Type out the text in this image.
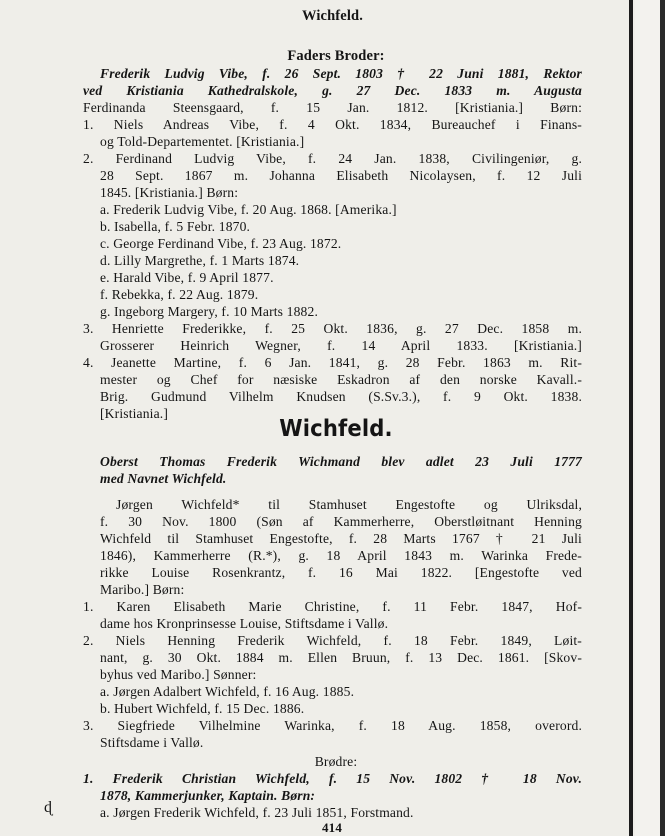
Wichfeld.
Faders Broder:
Frederik Ludvig Vibe, f. 26 Sept. 1803 † 22 Juni 1881, Rektor
ved Kristiania Kathedralskole, g. 27 Dec. 1833 m. Augusta
Ferdinanda Steensgaard, f. 15 Jan. 1812. [Kristiania.] Børn:
1. Niels Andreas Vibe, f. 4 Okt. 1834, Bureauchef i Finans-
og Told-Departementet. [Kristiania.]
2. Ferdinand Ludvig Vibe, f. 24 Jan. 1838, Civilingeniør, g.
28 Sept. 1867 m. Johanna Elisabeth Nicolaysen, f. 12 Juli
1845. [Kristiania.] Børn:
a. Frederik Ludvig Vibe, f. 20 Aug. 1868. [Amerika.]
b. Isabella, f. 5 Febr. 1870.
c. George Ferdinand Vibe, f. 23 Aug. 1872.
d. Lilly Margrethe, f. 1 Marts 1874.
e. Harald Vibe, f. 9 April 1877.
f. Rebekka, f. 22 Aug. 1879.
g. Ingeborg Margery, f. 10 Marts 1882.
3. Henriette Frederikke, f. 25 Okt. 1836, g. 27 Dec. 1858 m.
Grosserer Heinrich Wegner, f. 14 April 1833. [Kristiania.]
4. Jeanette Martine, f. 6 Jan. 1841, g. 28 Febr. 1863 m. Rit-
mester og Chef for næsiske Eskadron af den norske Kavall.-
Brig. Gudmund Vilhelm Knudsen (S.Sv.3.), f. 9 Okt. 1838.
[Kristiania.]
Wichfeld.
Oberst Thomas Frederik Wichmand blev adlet 23 Juli 1777
med Navnet Wichfeld.
Jørgen Wichfeld* til Stamhuset Engestofte og Ulriksdal,
f. 30 Nov. 1800 (Søn af Kammerherre, Oberstløitnant Henning
Wichfeld til Stamhuset Engestofte, f. 28 Marts 1767 † 21 Juli
1846), Kammerherre (R.*), g. 18 April 1843 m. Warinka Frede-
rikke Louise Rosenkrantz, f. 16 Mai 1822. [Engestofte ved
Maribo.] Børn:
1. Karen Elisabeth Marie Christine, f. 11 Febr. 1847, Hof-
dame hos Kronprinsesse Louise, Stiftsdame i Vallø.
2. Niels Henning Frederik Wichfeld, f. 18 Febr. 1849, Løit-
nant, g. 30 Okt. 1884 m. Ellen Bruun, f. 13 Dec. 1861. [Skov-
byhus ved Maribo.] Sønner:
a. Jørgen Adalbert Wichfeld, f. 16 Aug. 1885.
b. Hubert Wichfeld, f. 15 Dec. 1886.
3. Siegfriede Vilhelmine Warinka, f. 18 Aug. 1858, overord.
Stiftsdame i Vallø.
Brødre:
1. Frederik Christian Wichfeld, f. 15 Nov. 1802 † 18 Nov.
1878, Kammerjunker, Kaptain. Børn:
a. Jørgen Frederik Wichfeld, f. 23 Juli 1851, Forstmand.
414
ɖ
